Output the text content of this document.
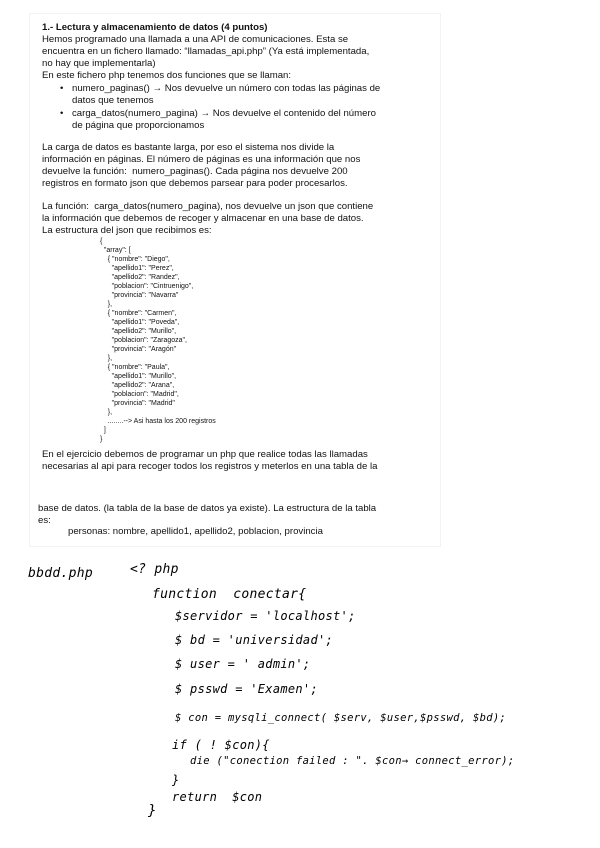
1.- Lectura y almacenamiento de datos (4 puntos)
Hemos programado una llamada a una API de comunicaciones. Esta se
encuentra en un fichero llamado: “llamadas_api.php” (Ya está implementada,
no hay que implementarla)
En este fichero php tenemos dos funciones que se llaman:
• numero_paginas() → Nos devuelve un número con todas las páginas de
datos que tenemos
• carga_datos(numero_pagina) → Nos devuelve el contenido del número
de página que proporcionamos
La carga de datos es bastante larga, por eso el sistema nos divide la
información en páginas. El número de páginas es una información que nos
devuelve la función:  numero_paginas(). Cada página nos devuelve 200
registros en formato json que debemos parsear para poder procesarlos.
La función:  carga_datos(numero_pagina), nos devuelve un json que contiene
la información que debemos de recoger y almacenar en una base de datos.
La estructura del json que recibimos es:
{
"array": [
{ "nombre": "Diego",
"apellido1": "Perez",
"apellido2": "Randez",
"poblacion": "Cintruenigo",
"provincia": "Navarra"
},
{ "nombre": "Carmen",
"apellido1": "Poveda",
"apellido2": "Murillo",
"poblacion": "Zaragoza",
"provincia": "Aragón"
},
{ "nombre": "Paula",
"apellido1": "Murillo",
"apellido2": "Arana",
"poblacion": "Madrid",
"provincia": "Madrid"
},
........--> Asi hasta los 200 registros
]
}
En el ejercicio debemos de programar un php que realice todas las llamadas
necesarias al api para recoger todos los registros y meterlos en una tabla de la
base de datos. (la tabla de la base de datos ya existe). La estructura de la tabla
es:
personas: nombre, apellido1, apellido2, poblacion, provincia
bbdd.php	<? php
function  conectar{
$servidor = 'localhost';
$ bd = 'universidad';
$ user = ' admin';
$ psswd = 'Examen';
$ con = mysqli_connect( $serv, $user,$psswd, $bd);
if ( ! $con){
die ("conection failed : ". $con→ connect_error);
}
return  $con
}
